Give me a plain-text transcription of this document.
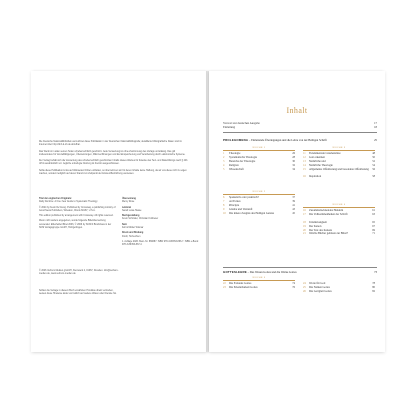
Die Deutsche Nationalbibliothek verzeichnet diese Publikation in der Deutschen Nationalbibliografie; detaillierte bibliografische Daten sind im Internet über http://dnb.d-nb.de abrufbar.

Das Werk ist in allen seinen Teilen urheberrechtlich geschützt. Jede Verwertung ist ohne Zustimmung des Verlags unzulässig. Das gilt insbesondere für Vervielfältigungen, Übersetzungen, Mikroverfilmungen und die Einspeicherung und Verarbeitung durch elektronische Systeme.

Der Verlag behält sich die Verwertung des urheberrechtlich geschützten Inhalts dieses Werkes für Zwecke des Text- und Data-Minings nach § 44b UrhG ausdrücklich vor. Jegliche unbefugte Nutzung ist hiermit ausgeschlossen.

Sollte diese Publikation Links auf Webseiten Dritter enthalten, so übernehmen wir für deren Inhalte keine Haftung, da wir uns diese nicht zu eigen machen, sondern lediglich auf deren Stand zum Zeitpunkt der Erstveröffentlichung verweisen.

Titel der englischen Originals:

Daily Doctrine: A One-Year Guide to Systematic Theology

© 2024 by Kevin DeYoung. Published by Crossway, a publishing ministry of Good News Publishers, Wheaton, Illinois 60187, U.S.A.

This edition published by arrangement with Crossway. All rights reserved.

Wenn nicht anders angegeben, wurde folgende Bibelübersetzung verwendet: Elberfelder Bibel 2006, © 2006 by SCM R.Brockhaus in der SCM Verlagsgruppe GmbH, Holzgerlingen.

Übersetzung

Mercy Rose

Lektorat

Sarah Luisa Hasse

Buchgestaltung

Kevin Schröder, Christian Kollmeier

Satz

Fell & Mütter Wismar

Druck und Bindung

Finidr, Tschechien

1. Auflage 2026. Best.-Nr. 866687. ISBN 978-3-86353-866-7. ISBN e-Book: 978-3-86353-867-4

© 2026 Verbum Medien gGmbH, Kiemwerk 2, 01067, Dresden. info@verbum-medien.de, www.verbum-medien.de
Sollten die Verlage in diesem Buch erwähnten Produkte direkt vertrieben, weisen diese Hinweise leider vermutlich auf weitere Waren oder Dienste hin.
Inhalt
Vorwort zur deutschen Ausgabe	17
Einleitung	18
PROLEGOMENA – Einleitende Überlegungen und die Lehre von der Heiligen Schrift	25
GOTTESLEHRE – Das Wesen Gottes und die Werke Gottes	73
WOCHE 1
1	Theologie	26
2	Systematische Theologie	28
3	Bereiche der Theologie	30
4	Religion	32
5	Wissenschaft	34
WOCHE 2
6	Spekulativ oder praktisch?	37
7	Ad Fontes	39
8	Principia	41
9	Glaube und Vernunft	43
10	Die innere Zeugnis des Heiligen Geistes	45
WOCHE 3
11	Fundamentale Glaubensätze	48
12	Gott erkennen	50
13	Natürliche und	52
14	Natürliche Theologie	54
15	Allgemeine Offenbarung und besondere Offenbarung	56
16	Inspiration	58
WOCHE 4
16	Zusammenwirkendes Handeln	61
17	Die Vollkommenheiten der Schrift	63
18	Irrtumslosigkeit	65
19	Der Kanon	67
20	Der Test des Kanons	69
21	Welche Bücher gehören zur Bibel?	71
WOCHE 5
22	Die Existenz Gottes	74
23	Die Erkennbarkeit Gottes	76
24	Worte für Gott	78
25	Die Namen Gottes	80
26	Die Gottgleit Gottes	82
